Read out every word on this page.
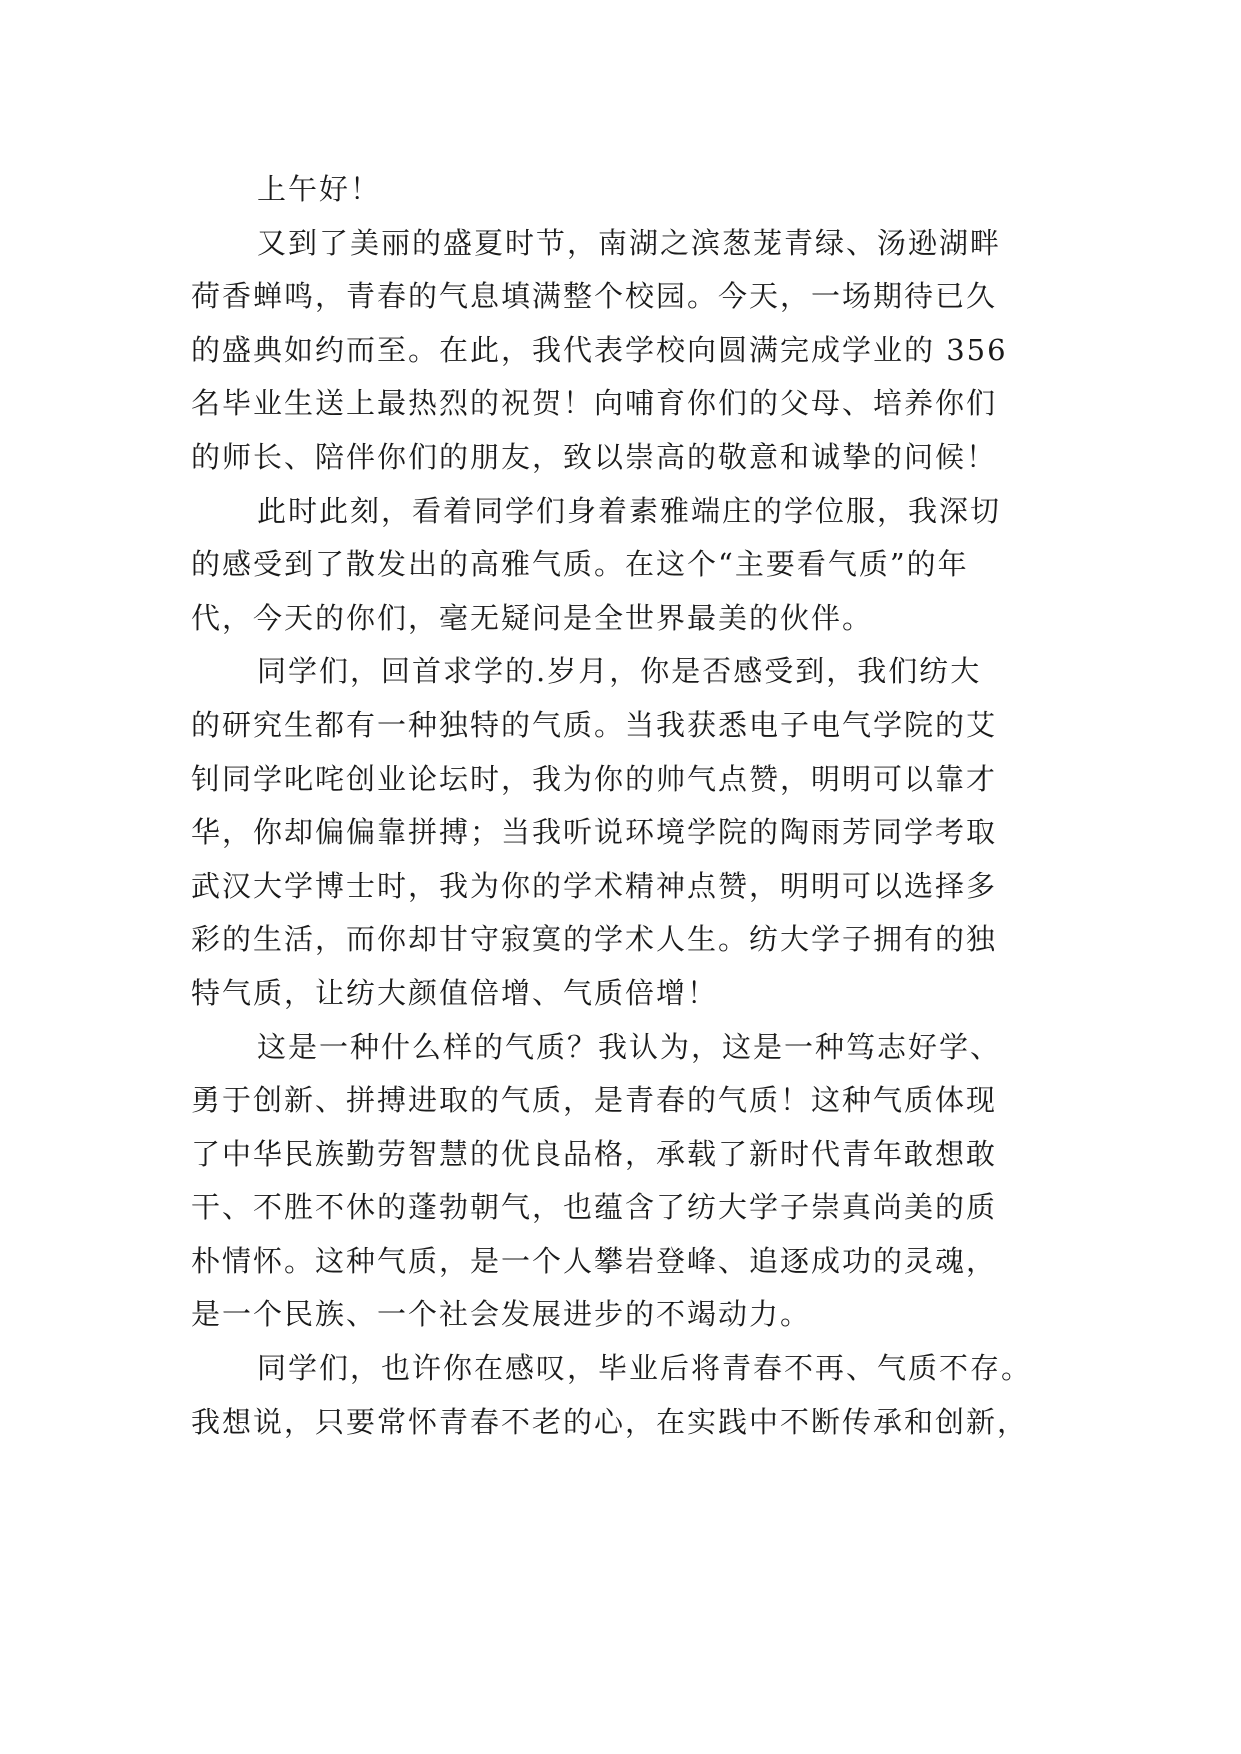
上午好！
又到了美丽的盛夏时节，南湖之滨葱茏青绿、汤逊湖畔
荷香蝉鸣，青春的气息填满整个校园。今天，一场期待已久
的盛典如约而至。在此，我代表学校向圆满完成学业的 356
名毕业生送上最热烈的祝贺！向哺育你们的父母、培养你们
的师长、陪伴你们的朋友，致以崇高的敬意和诚挚的问候！
此时此刻，看着同学们身着素雅端庄的学位服，我深切
的感受到了散发出的高雅气质。在这个“主要看气质”的年
代，今天的你们，毫无疑问是全世界最美的伙伴。
同学们，回首求学的.岁月，你是否感受到，我们纺大
的研究生都有一种独特的气质。当我获悉电子电气学院的艾
钊同学叱咤创业论坛时，我为你的帅气点赞，明明可以靠才
华，你却偏偏靠拼搏；当我听说环境学院的陶雨芳同学考取
武汉大学博士时，我为你的学术精神点赞，明明可以选择多
彩的生活，而你却甘守寂寞的学术人生。纺大学子拥有的独
特气质，让纺大颜值倍增、气质倍增！
这是一种什么样的气质？我认为，这是一种笃志好学、
勇于创新、拼搏进取的气质，是青春的气质！这种气质体现
了中华民族勤劳智慧的优良品格，承载了新时代青年敢想敢
干、不胜不休的蓬勃朝气，也蕴含了纺大学子崇真尚美的质
朴情怀。这种气质，是一个人攀岩登峰、追逐成功的灵魂，
是一个民族、一个社会发展进步的不竭动力。
同学们，也许你在感叹，毕业后将青春不再、气质不存。
我想说，只要常怀青春不老的心，在实践中不断传承和创新，
